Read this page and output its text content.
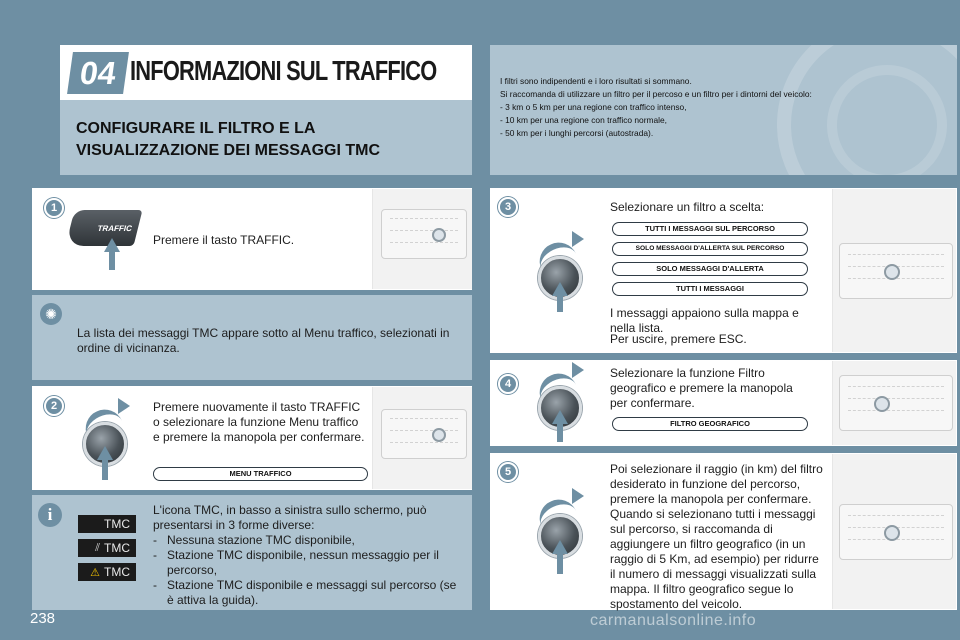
04 INFORMAZIONI SUL TRAFFICO
CONFIGURARE IL FILTRO E LA VISUALIZZAZIONE DEI MESSAGGI TMC
I filtri sono indipendenti e i loro risultati si sommano.
Si raccomanda di utilizzare un filtro per il percoso e un filtro per i dintorni del veicolo:
- 3 km o 5 km per una regione con traffico intenso,
- 10 km per una regione con traffico normale,
- 50 km per i lunghi percorsi (autostrada).
1
TRAFFIC
Premere il tasto TRAFFIC.
✺
La lista dei messaggi TMC appare sotto al Menu traffico, selezionati in ordine di vicinanza.
2	Premere nuovamente il tasto TRAFFIC o selezionare la funzione Menu traffico e premere la manopola per confermare.
MENU TRAFFICO
i	TMC
⫽ TMC
⚠ TMC
L'icona TMC, in basso a sinistra sullo schermo, può presentarsi in 3 forme diverse:
-   Nessuna stazione TMC disponibile,
-   Stazione TMC disponibile, nessun messaggio per il percorso,
-   Stazione TMC disponibile e messaggi sul percorso (se è attiva la guida).
3	Selezionare un filtro a scelta:
TUTTI I MESSAGGI SUL PERCORSO
SOLO MESSAGGI D'ALLERTA SUL PERCORSO
SOLO MESSAGGI D'ALLERTA
TUTTI I MESSAGGI
I messaggi appaiono sulla mappa e nella lista.
Per uscire, premere ESC.
4
Selezionare la funzione Filtro geografico e premere la manopola per confermare.
FILTRO GEOGRAFICO
5	Poi selezionare il raggio (in km) del filtro desiderato in funzione del percorso, premere la manopola per confermare. Quando si selezionano tutti i messaggi sul percorso, si raccomanda di aggiungere un filtro geografico (in un raggio di 5 Km, ad esempio) per ridurre il numero di messaggi visualizzati sulla mappa. Il filtro geografico segue lo spostamento del veicolo.
238	carmanualsonline.info
